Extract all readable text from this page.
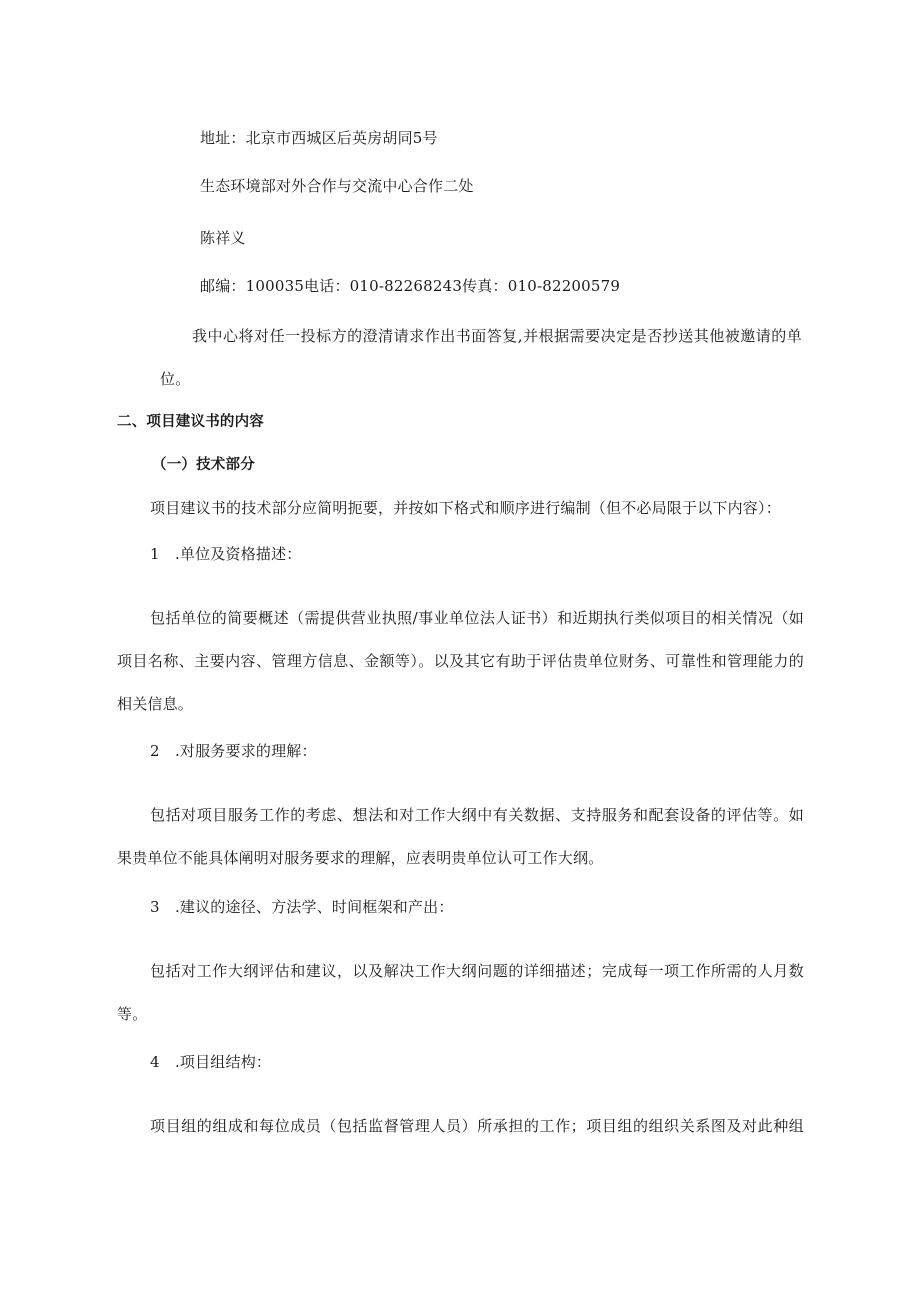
地址：北京市西城区后英房胡同5号
生态环境部对外合作与交流中心合作二处
陈祥义
邮编：100035电话：010-82268243传真：010-82200579
我中心将对任一投标方的澄清请求作出书面答复,并根据需要决定是否抄送其他被邀请的单
位。
二、项目建议书的内容
（一）技术部分
项目建议书的技术部分应简明扼要，并按如下格式和顺序进行编制（但不必局限于以下内容）：
1　.单位及资格描述：
包括单位的简要概述（需提供营业执照/事业单位法人证书）和近期执行类似项目的相关情况（如
项目名称、主要内容、管理方信息、金额等）。以及其它有助于评估贵单位财务、可靠性和管理能力的
相关信息。
2　.对服务要求的理解：
包括对项目服务工作的考虑、想法和对工作大纲中有关数据、支持服务和配套设备的评估等。如
果贵单位不能具体阐明对服务要求的理解，应表明贵单位认可工作大纲。
3　.建议的途径、方法学、时间框架和产出：
包括对工作大纲评估和建议，以及解决工作大纲问题的详细描述；完成每一项工作所需的人月数
等。
4　.项目组结构：
项目组的组成和每位成员（包括监督管理人员）所承担的工作；项目组的组织关系图及对此种组
